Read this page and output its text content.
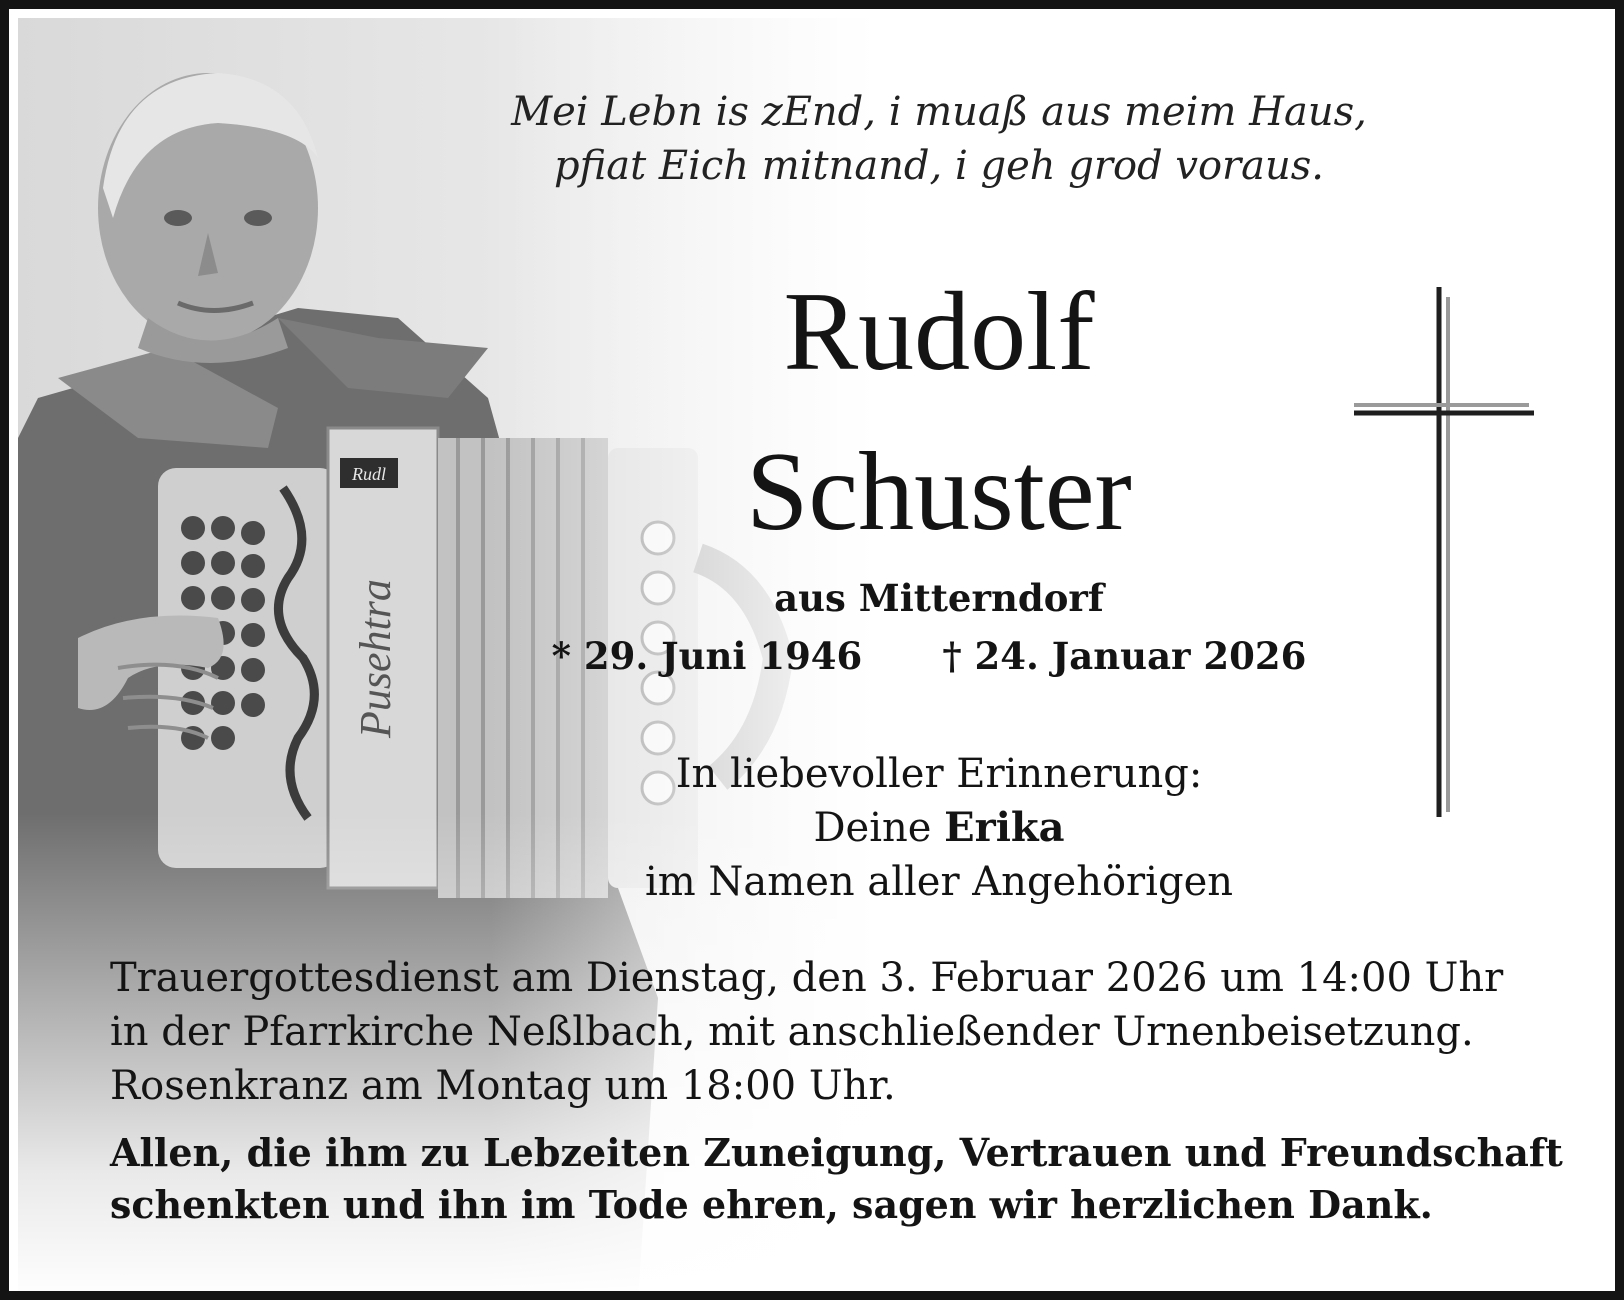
Mei Lebn is zEnd, i muaß aus meim Haus,
pfiat Eich mitnand, i geh grod voraus.
Rudolf
Schuster
aus Mitterndorf
* 29. Juni 1946 † 24. Januar 2026
In liebevoller Erinnerung:
Deine Erika
im Namen aller Angehörigen
Trauergottesdienst am Dienstag, den 3. Februar 2026 um 14:00 Uhr
in der Pfarrkirche Neßlbach, mit anschließender Urnenbeisetzung.
Rosenkranz am Montag um 18:00 Uhr.
Allen, die ihm zu Lebzeiten Zuneigung, Vertrauen und Freundschaft
schenkten und ihn im Tode ehren, sagen wir herzlichen Dank.
